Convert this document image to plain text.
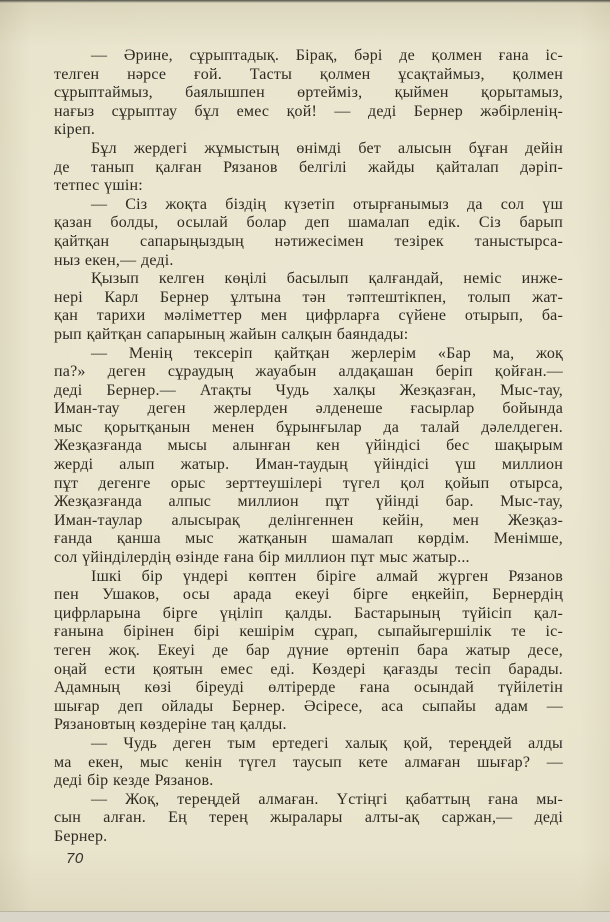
— Әрине, сұрыптадық. Бірақ, бәрі де қолмен ғана іс-
телген нәрсе ғой. Тасты қолмен ұсақтаймыз, қолмен
сұрыптаймыз, баялышпен өртейміз, қыймен қорытамыз,
нағыз сұрыптау бұл емес қой! — деді Бернер жәбірленің-
кіреп.
Бұл жердегі жұмыстың өнімді бет алысын бұған дейін
де танып қалған Рязанов белгілі жайды қайталап дәріп-
тетпес үшін:
— Сіз жоқта біздің күзетіп отырғанымыз да сол үш
қазан болды, осылай болар деп шамалап едік. Сіз барып
қайтқан сапарыңыздың нәтижесімен тезірек таныстырса-
ныз екен,— деді.
Қызып келген көңілі басылып қалғандай, неміс инже-
нері Карл Бернер ұлтына тән тәптештікпен, толып жат-
қан тарихи мәліметтер мен цифрларға сүйене отырып, ба-
рып қайтқан сапарының жайын салқын баяндады:
— Менің тексеріп қайтқан жерлерім «Бар ма, жоқ
па?» деген сұраудың жауабын алдақашан беріп қойған.—
деді Бернер.— Атақты Чудь халқы Жезқазған, Мыс-тау,
Иман-тау деген жерлерден әлденеше ғасырлар бойында
мыс қорытқанын менен бұрынғылар да талай дәлелдеген.
Жезқазғанда мысы алынған кен үйіндісі бес шақырым
жерді алып жатыр. Иман-таудың үйіндісі үш миллион
пұт дегенге орыс зерттеушілері түгел қол қойып отырса,
Жезқазғанда алпыс миллион пұт үйінді бар. Мыс-тау,
Иман-таулар алысырақ делінгеннен кейін, мен Жезқаз-
ғанда қанша мыс жатқанын шамалап көрдім. Менімше,
сол үйінділердің өзінде ғана бір миллион пұт мыс жатыр...
Ішкі бір үндері көптен біріге алмай жүрген Рязанов
пен Ушаков, осы арада екеуі бірге еңкейіп, Бернердің
цифрларына бірге үңіліп қалды. Бастарының түйісіп қал-
ғанына бірінен бірі кешірім сұрап, сыпайыгершілік те іс-
теген жоқ. Екеуі де бар дүние өртеніп бара жатыр десе,
оңай ести қоятын емес еді. Көздері қағазды тесіп барады.
Адамның көзі біреуді өлтірерде ғана осындай түйілетін
шығар деп ойлады Бернер. Әсіресе, аса сыпайы адам —
Рязановтың көздеріне таң қалды.
— Чудь деген тым ертедегі халық қой, тереңдей алды
ма екен, мыс кенін түгел таусып кете алмаған шығар? —
деді бір кезде Рязанов.
— Жоқ, тереңдей алмаған. Үстіңгі қабаттың ғана мы-
сын алған. Ең терең жыралары алты-ақ саржан,— деді
Бернер.
70
